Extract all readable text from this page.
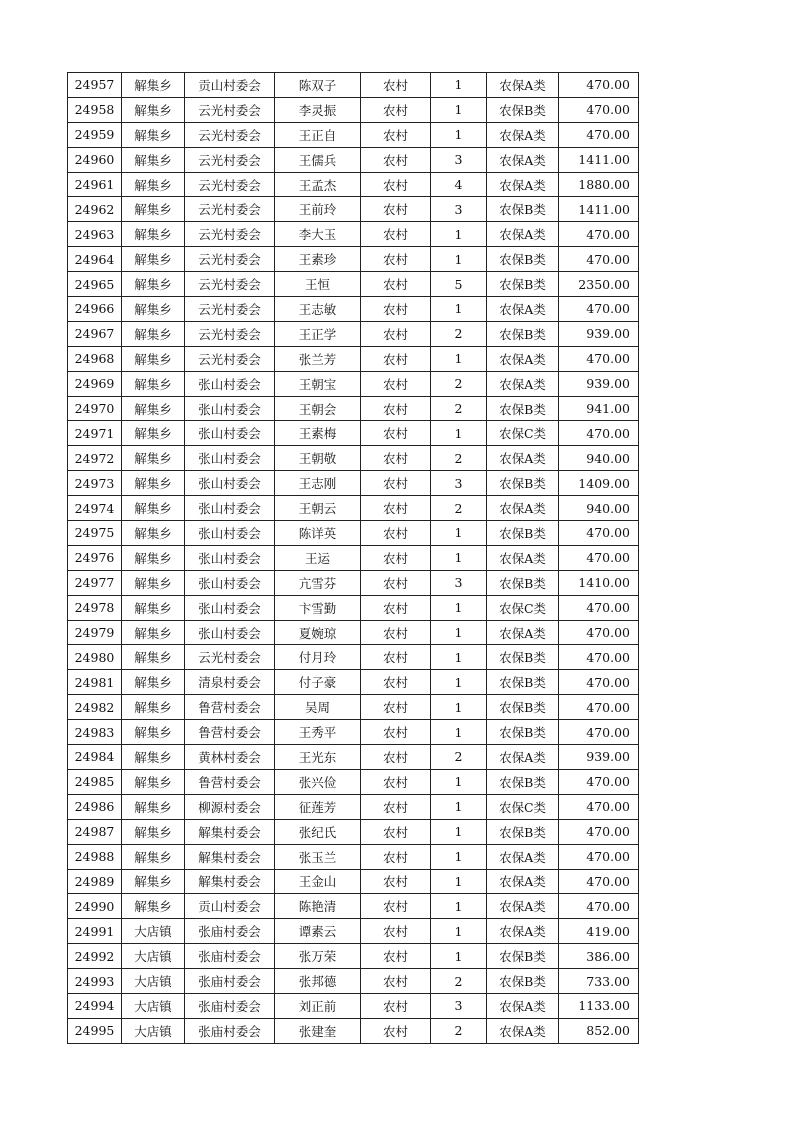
24957	解集乡	贡山村委会	陈双子	农村	1	农保A类	470.00
24958	解集乡	云光村委会	李灵振	农村	1	农保B类	470.00
24959	解集乡	云光村委会	王正自	农村	1	农保A类	470.00
24960	解集乡	云光村委会	王儒兵	农村	3	农保A类	1411.00
24961	解集乡	云光村委会	王孟杰	农村	4	农保A类	1880.00
24962	解集乡	云光村委会	王前玲	农村	3	农保B类	1411.00
24963	解集乡	云光村委会	李大玉	农村	1	农保A类	470.00
24964	解集乡	云光村委会	王素珍	农村	1	农保B类	470.00
24965	解集乡	云光村委会	王恒	农村	5	农保B类	2350.00
24966	解集乡	云光村委会	王志敏	农村	1	农保A类	470.00
24967	解集乡	云光村委会	王正学	农村	2	农保B类	939.00
24968	解集乡	云光村委会	张兰芳	农村	1	农保A类	470.00
24969	解集乡	张山村委会	王朝宝	农村	2	农保A类	939.00
24970	解集乡	张山村委会	王朝会	农村	2	农保B类	941.00
24971	解集乡	张山村委会	王素梅	农村	1	农保C类	470.00
24972	解集乡	张山村委会	王朝敬	农村	2	农保A类	940.00
24973	解集乡	张山村委会	王志刚	农村	3	农保B类	1409.00
24974	解集乡	张山村委会	王朝云	农村	2	农保A类	940.00
24975	解集乡	张山村委会	陈详英	农村	1	农保B类	470.00
24976	解集乡	张山村委会	王运	农村	1	农保A类	470.00
24977	解集乡	张山村委会	亢雪芬	农村	3	农保B类	1410.00
24978	解集乡	张山村委会	卞雪勤	农村	1	农保C类	470.00
24979	解集乡	张山村委会	夏婉琼	农村	1	农保A类	470.00
24980	解集乡	云光村委会	付月玲	农村	1	农保B类	470.00
24981	解集乡	清泉村委会	付子豪	农村	1	农保B类	470.00
24982	解集乡	鲁营村委会	吴周	农村	1	农保B类	470.00
24983	解集乡	鲁营村委会	王秀平	农村	1	农保B类	470.00
24984	解集乡	黄林村委会	王光东	农村	2	农保A类	939.00
24985	解集乡	鲁营村委会	张兴俭	农村	1	农保B类	470.00
24986	解集乡	柳源村委会	征莲芳	农村	1	农保C类	470.00
24987	解集乡	解集村委会	张纪氏	农村	1	农保B类	470.00
24988	解集乡	解集村委会	张玉兰	农村	1	农保A类	470.00
24989	解集乡	解集村委会	王金山	农村	1	农保A类	470.00
24990	解集乡	贡山村委会	陈艳清	农村	1	农保A类	470.00
24991	大店镇	张庙村委会	谭素云	农村	1	农保A类	419.00
24992	大店镇	张庙村委会	张万荣	农村	1	农保B类	386.00
24993	大店镇	张庙村委会	张邦德	农村	2	农保B类	733.00
24994	大店镇	张庙村委会	刘正前	农村	3	农保A类	1133.00
24995	大店镇	张庙村委会	张建奎	农村	2	农保A类	852.00
